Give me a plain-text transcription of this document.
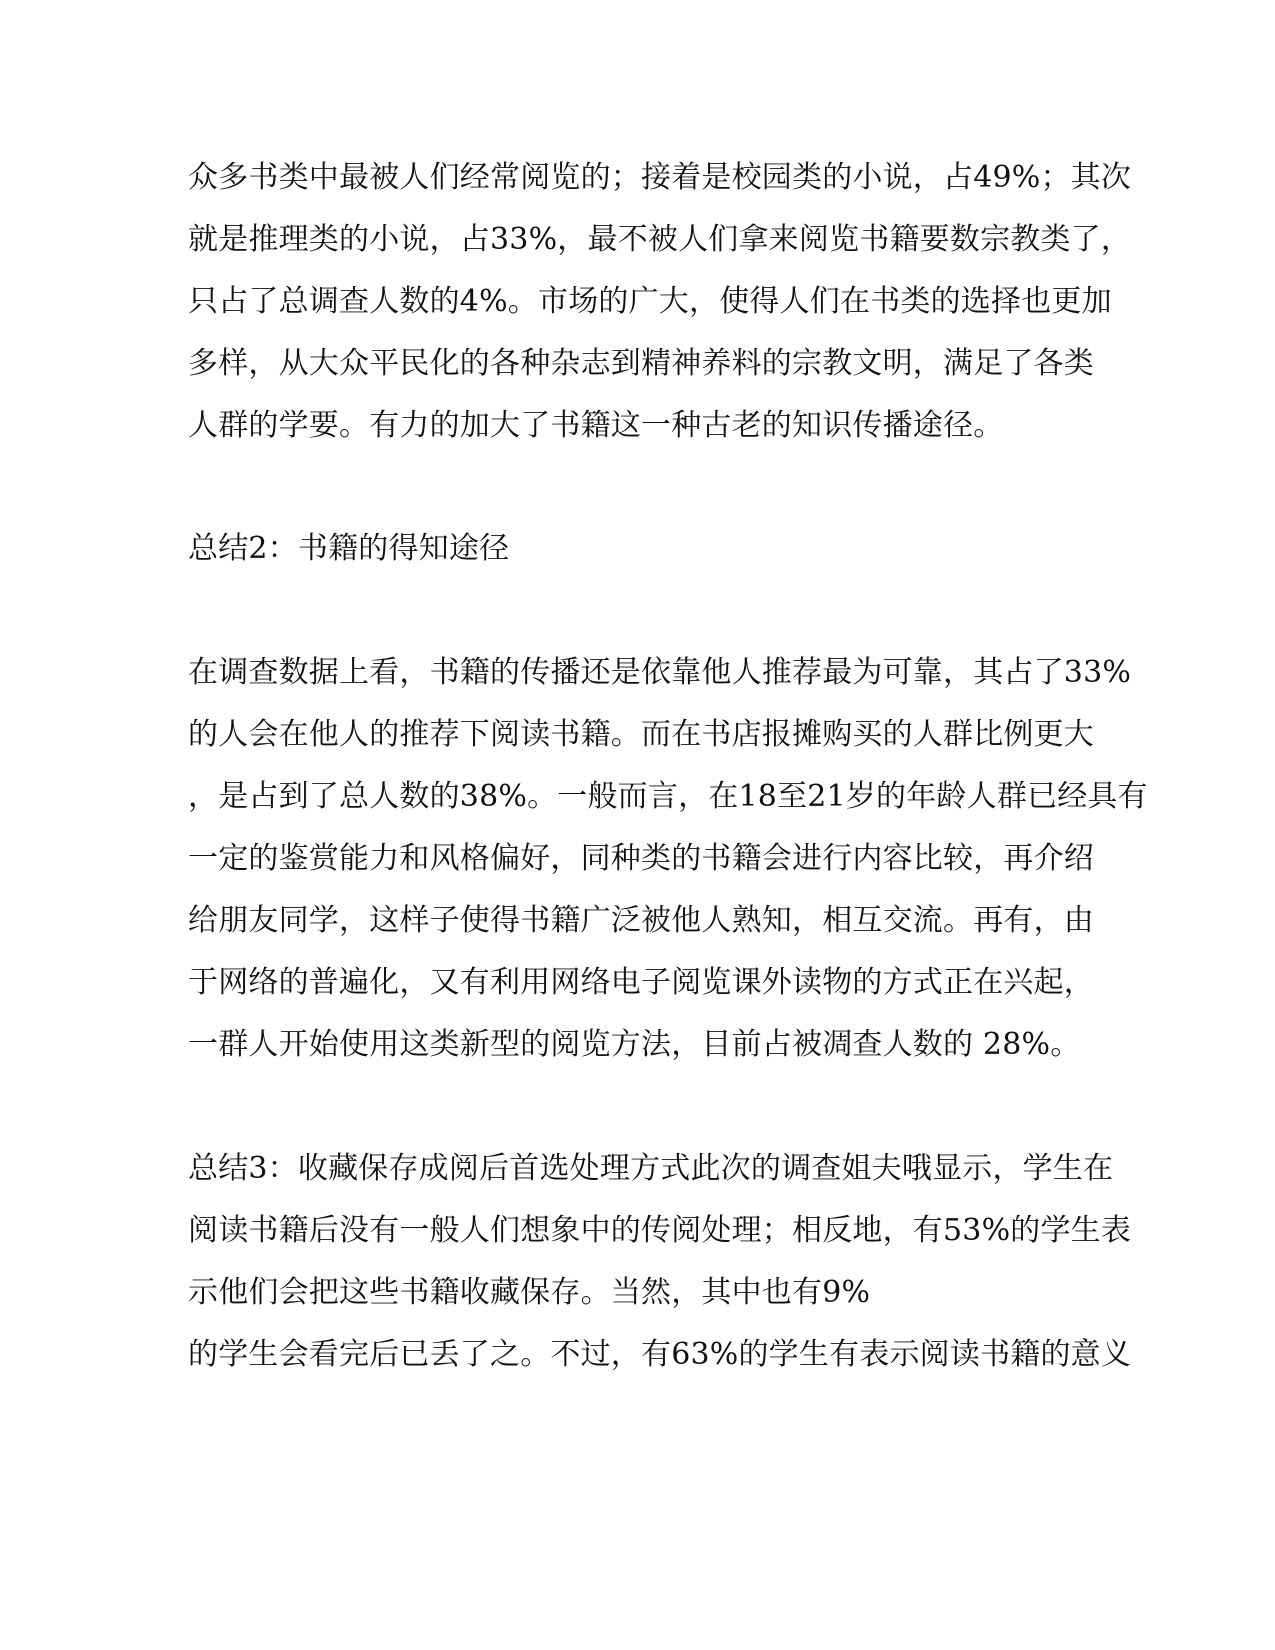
众多书类中最被人们经常阅览的；接着是校园类的小说，占49%；其次
就是推理类的小说，占33%，最不被人们拿来阅览书籍要数宗教类了，
只占了总调查人数的4%。市场的广大，使得人们在书类的选择也更加
多样，从大众平民化的各种杂志到精神养料的宗教文明，满足了各类
人群的学要。有力的加大了书籍这一种古老的知识传播途径。
总结2：书籍的得知途径
在调查数据上看，书籍的传播还是依靠他人推荐最为可靠，其占了33%
的人会在他人的推荐下阅读书籍。而在书店报摊购买的人群比例更大
，是占到了总人数的38%。一般而言，在18至21岁的年龄人群已经具有
一定的鉴赏能力和风格偏好，同种类的书籍会进行内容比较，再介绍
给朋友同学，这样子使得书籍广泛被他人熟知，相互交流。再有，由
于网络的普遍化，又有利用网络电子阅览课外读物的方式正在兴起，
一群人开始使用这类新型的阅览方法，目前占被凋查人数的 28%。
总结3：收藏保存成阅后首选处理方式此次的调查姐夫哦显示，学生在
阅读书籍后没有一般人们想象中的传阅处理；相反地，有53%的学生表
示他们会把这些书籍收藏保存。当然，其中也有9%
的学生会看完后已丢了之。不过，有63%的学生有表示阅读书籍的意义
